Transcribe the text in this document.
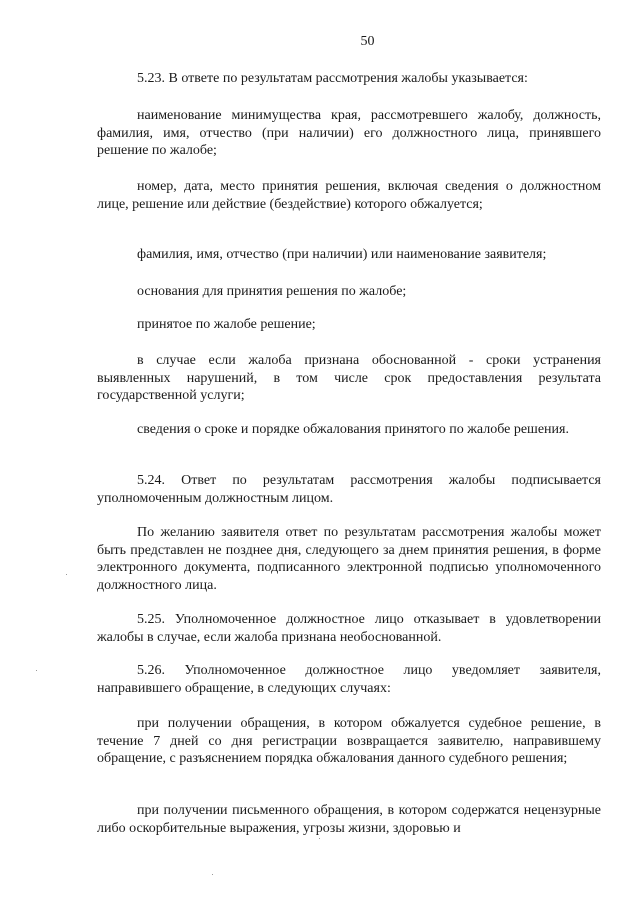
50

5.23. В ответе по результатам рассмотрения жалобы указывается:

наименование минимущества края, рассмотревшего жалобу, должность, фамилия, имя, отчество (при наличии) его должностного лица, принявшего решение по жалобе;

номер, дата, место принятия решения, включая сведения о должностном лице, решение или действие (бездействие) которого обжалуется;

фамилия, имя, отчество (при наличии) или наименование заявителя;

основания для принятия решения по жалобе;

принятое по жалобе решение;

в случае если жалоба признана обоснованной - сроки устранения выявленных нарушений, в том числе срок предоставления результата государственной услуги;

сведения о сроке и порядке обжалования принятого по жалобе решения.

5.24. Ответ по результатам рассмотрения жалобы подписывается уполномоченным должностным лицом.

По желанию заявителя ответ по результатам рассмотрения жалобы может быть представлен не позднее дня, следующего за днем принятия решения, в форме электронного документа, подписанного электронной подписью уполномоченного должностного лица.

5.25. Уполномоченное должностное лицо отказывает в удовлетворении жалобы в случае, если жалоба признана необоснованной.

5.26. Уполномоченное должностное лицо уведомляет заявителя, направившего обращение, в следующих случаях:

при получении обращения, в котором обжалуется судебное решение, в течение 7 дней со дня регистрации возвращается заявителю, направившему обращение, с разъяснением порядка обжалования данного судебного решения;

при получении письменного обращения, в котором содержатся нецензурные либо оскорбительные выражения, угрозы жизни, здоровью и
